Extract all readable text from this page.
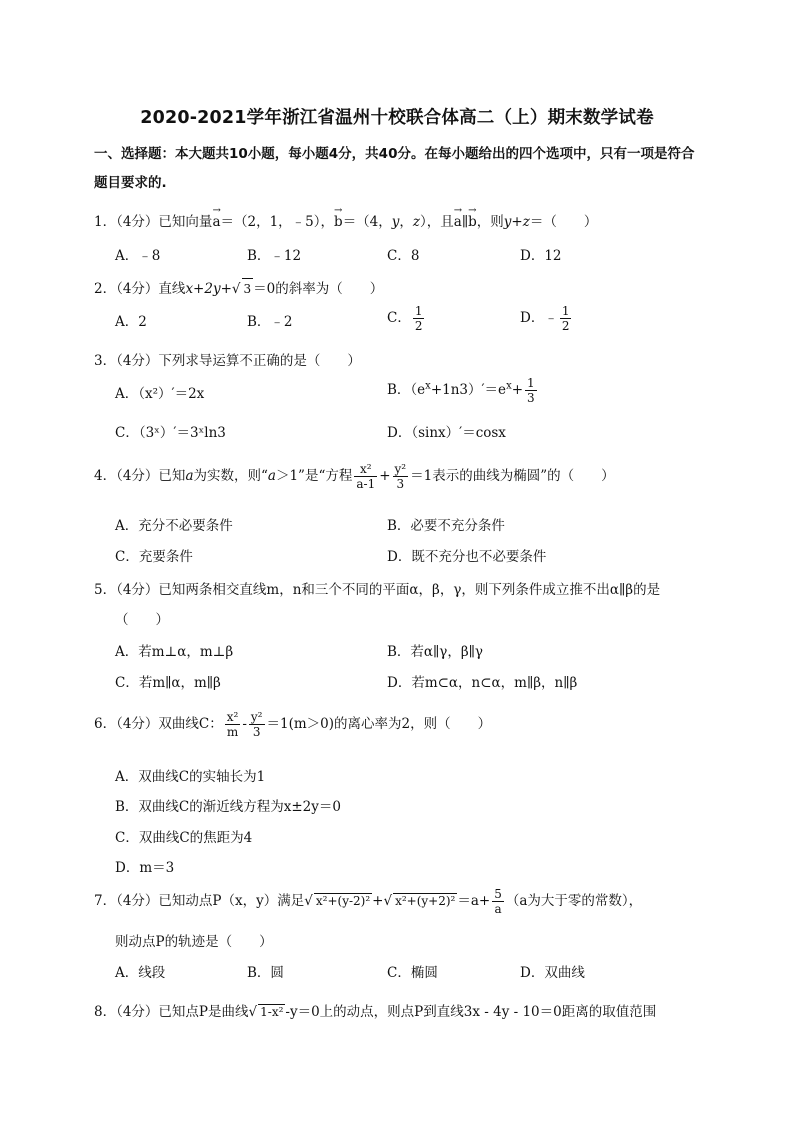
2020-2021学年浙江省温州十校联合体高二（上）期末数学试卷
一、选择题：本大题共10小题，每小题4分，共40分。在每小题给出的四个选项中，只有一项是符合题目要求的.
1．（4分）已知向量→ a＝（2，1，﹣5），→ b＝（4，y，z），且→ a∥→ b，则y+z＝（　　）
A．﹣8	B．﹣12	C．8	D．12
2．（4分）直线x+2y+√ 3 ＝0的斜率为（　　）
A．2	B．﹣2	C． $\frac{1}{2}$	D．﹣ $\frac{1}{2}$
3．（4分）下列求导运算不正确的是（　　）
A．（x²）′＝2x	B．$(e^x+1n3)'=e^x+ \frac{1}{3}$
C．（3ˣ）′＝3ˣln3	D．（sinx）′＝cosx
4．（4分）已知a为实数，则“a＞1”是“方程 $\frac{\text{x²}}{a-1} + \frac{\text{y²}}{3} =1$表示的曲线为椭圆”的（　　）
A．充分不必要条件	B．必要不充分条件
C．充要条件	D．既不充分也不必要条件
5．（4分）已知两条相交直线m，n和三个不同的平面α，β，γ，则下列条件成立推不出α∥β的是
（　　）
A．若m⊥α，m⊥β	B．若α∥γ，β∥γ
C．若m∥α，m∥β	D．若m⊂α，n⊂α，m∥β，n∥β
6．（4分）双曲线C： $\frac{\text{x²}}{m} - \frac{\text{y²}}{3} =1(m>0)$的离心率为2，则（　　）
A．双曲线C的实轴长为1
B．双曲线C的渐近线方程为x±2y＝0
C．双曲线C的焦距为4
D．m＝3
7．（4分）已知动点P（x，y）满足√ x²+(y-2)² +√ $x^2+(y+2)^2 =a+ \frac{5}{a} (a$为大于零的常数），
则动点P的轨迹是（　　）
A．线段	B．圆	C．椭圆	D．双曲线
8．（4分）已知点P是曲线√ 1-x² -y＝0上的动点，则点P到直线3x - 4y - 10＝0距离的取值范围
